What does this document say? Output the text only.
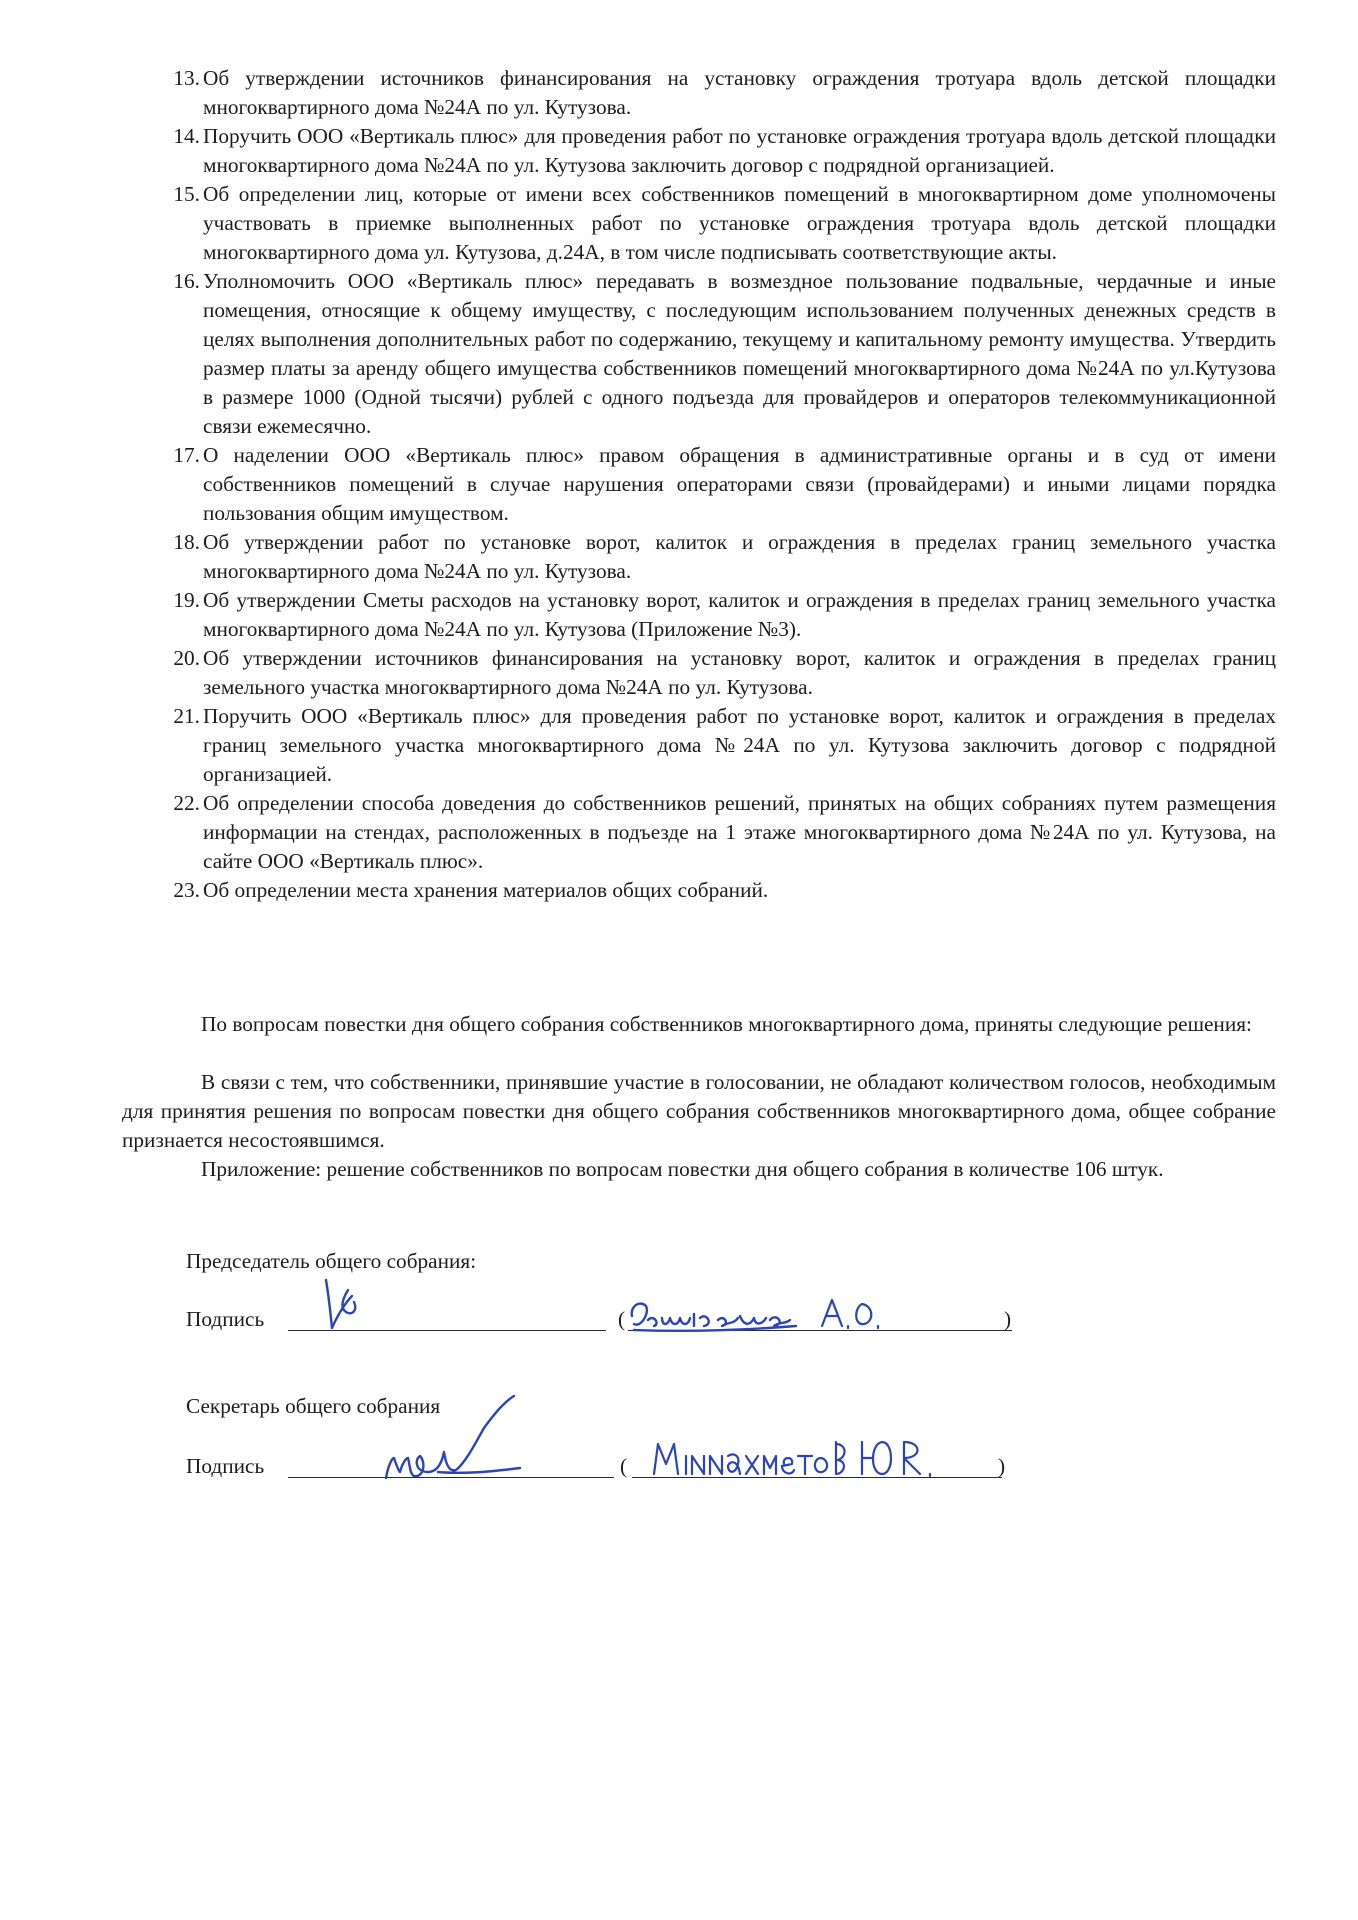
13. Об утверждении источников финансирования на установку ограждения тротуара вдоль детской площадки многоквартирного дома №24А по ул. Кутузова.
14. Поручить ООО «Вертикаль плюс» для проведения работ по установке ограждения тротуара вдоль детской площадки многоквартирного дома №24А по ул. Кутузова заключить договор с подрядной организацией.
15. Об определении лиц, которые от имени всех собственников помещений в многоквартирном доме уполномочены участвовать в приемке выполненных работ по установке ограждения тротуара вдоль детской площадки многоквартирного дома ул. Кутузова, д.24А, в том числе подписывать соответствующие акты.
16. Уполномочить ООО «Вертикаль плюс» передавать в возмездное пользование подвальные, чердачные и иные помещения, относящие к общему имуществу, с последующим использованием полученных денежных средств в целях выполнения дополнительных работ по содержанию, текущему и капитальному ремонту имущества. Утвердить размер платы за аренду общего имущества собственников помещений многоквартирного дома №24А по ул.Кутузова в размере 1000 (Одной тысячи) рублей с одного подъезда для провайдеров и операторов телекоммуникационной связи ежемесячно.
17. О наделении ООО «Вертикаль плюс» правом обращения в административные органы и в суд от имени собственников помещений в случае нарушения операторами связи (провайдерами) и иными лицами порядка пользования общим имуществом.
18. Об утверждении работ по установке ворот, калиток и ограждения в пределах границ земельного участка многоквартирного дома №24А по ул. Кутузова.
19. Об утверждении Сметы расходов на установку ворот, калиток и ограждения в пределах границ земельного участка многоквартирного дома №24А по ул. Кутузова (Приложение №3).
20. Об утверждении источников финансирования на установку ворот, калиток и ограждения в пределах границ земельного участка многоквартирного дома №24А по ул. Кутузова.
21. Поручить ООО «Вертикаль плюс» для проведения работ по установке ворот, калиток и ограждения в пределах границ земельного участка многоквартирного дома №24А по ул. Кутузова заключить договор с подрядной организацией.
22. Об определении способа доведения до собственников решений, принятых на общих собраниях путем размещения информации на стендах, расположенных в подъезде на 1 этаже многоквартирного дома №24А по ул. Кутузова, на сайте ООО «Вертикаль плюс».
23. Об определении места хранения материалов общих собраний.

По вопросам повестки дня общего собрания собственников многоквартирного дома, приняты следующие решения:

В связи с тем, что собственники, принявшие участие в голосовании, не обладают количеством голосов, необходимым для принятия решения по вопросам повестки дня общего собрания собственников многоквартирного дома, общее собрание признается несостоявшимся.

Приложение: решение собственников по вопросам повестки дня общего собрания в количестве 106 штук.

Председатель общего собрания:
Подпись	(	)
Секретарь общего собрания
Подпись	(	)
